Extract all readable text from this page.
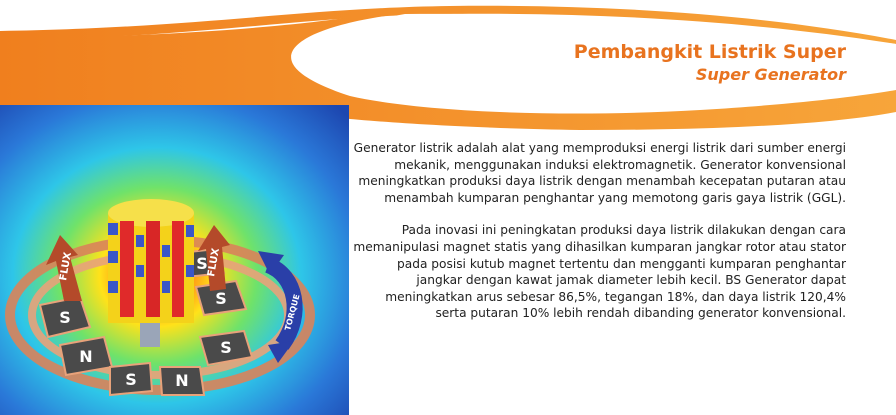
Pembangkit Listrik Super
Super Generator

Generator listrik adalah alat yang memproduksi energi listrik dari sumber energi mekanik, menggunakan induksi elektromagnetik. Generator konvensional meningkatkan produksi daya listrik dengan menambah kecepatan putaran atau menambah kumparan penghantar yang memotong garis gaya listrik (GGL).

Pada inovasi ini peningkatan produksi daya listrik dilakukan dengan cara memanipulasi magnet statis yang dihasilkan kumparan jangkar rotor atau stator pada posisi kutub magnet tertentu dan mengganti kumparan penghantar jangkar dengan kawat jamak diameter lebih kecil. BS Generator dapat meningkatkan arus sebesar 86,5%, tegangan 18%, dan daya listrik 120,4% serta putaran 10% lebih rendah dibanding generator konvensional.

S
N
S N
S
S
S
FLUX	FLUX
TORQUE
